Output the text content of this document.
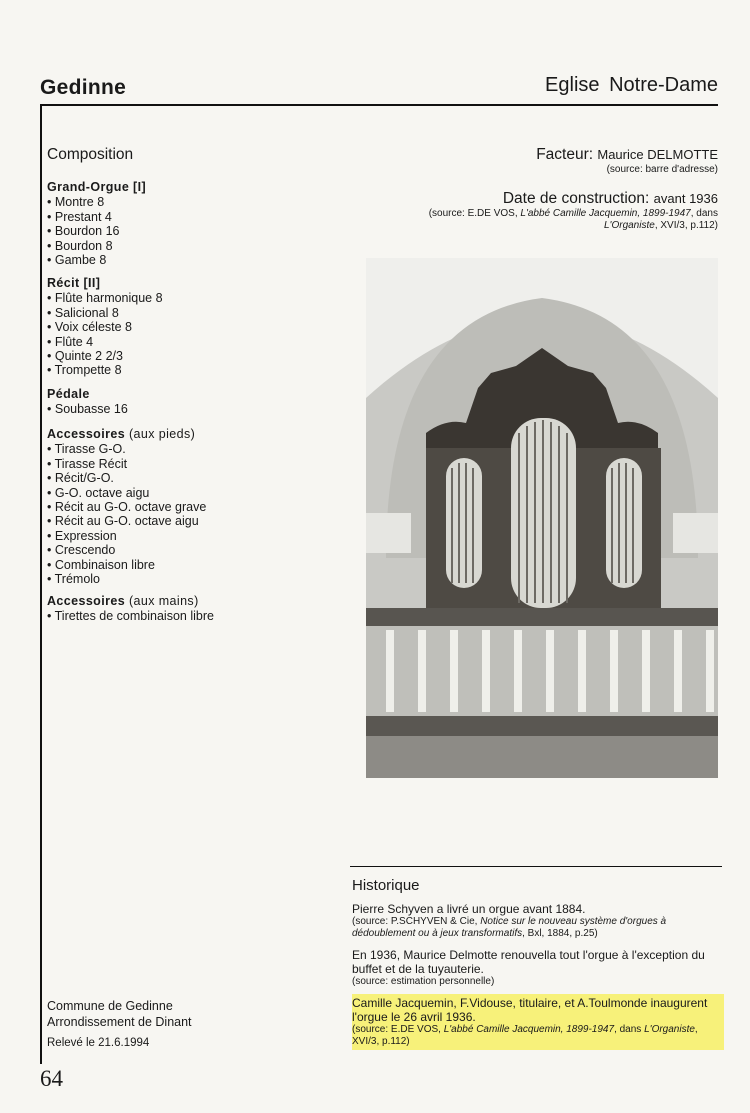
Gedinne	Eglise Notre-Dame
Composition
Grand-Orgue [I]
• Montre 8
• Prestant 4
• Bourdon 16
• Bourdon 8
• Gambe 8
Récit [II]
• Flûte harmonique 8
• Salicional 8
• Voix céleste 8
• Flûte 4
• Quinte 2 2/3
• Trompette 8
Pédale
• Soubasse 16
Accessoires (aux pieds)
• Tirasse G-O.
• Tirasse Récit
• Récit/G-O.
• G-O. octave aigu
• Récit au G-O. octave grave
• Récit au G-O. octave aigu
• Expression
• Crescendo
• Combinaison libre
• Trémolo
Accessoires (aux mains)
• Tirettes de combinaison libre
Facteur: Maurice DELMOTTE
(source: barre d'adresse)
Date de construction: avant 1936
(source: E.DE VOS, L'abbé Camille Jacquemin, 1899-1947, dans
L'Organiste, XVI/3, p.112)
Historique
Pierre Schyven a livré un orgue avant 1884.
(source: P.SCHYVEN & Cie, Notice sur le nouveau système d'orgues à dédoublement ou à jeux transformatifs, Bxl, 1884, p.25)
En 1936, Maurice Delmotte renouvella tout l'orgue à l'exception du buffet et de la tuyauterie.
(source: estimation personnelle)
Camille Jacquemin, F.Vidouse, titulaire, et A.Toulmonde inaugurent l'orgue le 26 avril 1936.
(source: E.DE VOS, L'abbé Camille Jacquemin, 1899-1947, dans L'Organiste, XVI/3, p.112)
Commune de Gedinne
Arrondissement de Dinant
Relevé le 21.6.1994
64
